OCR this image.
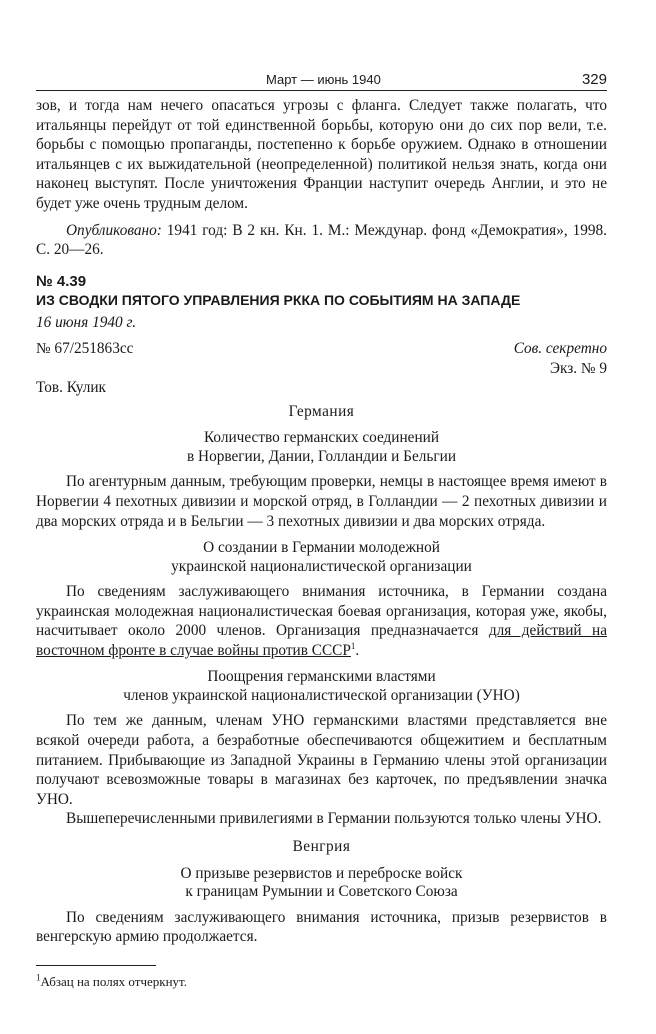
Март — июнь 1940	329

зов, и тогда нам нечего опасаться угрозы с фланга. Следует также полагать, что итальянцы перейдут от той единственной борьбы, которую они до сих пор вели, т.е. борьбы с помощью пропаганды, постепенно к борьбе оружием. Однако в отношении итальянцев с их выжидательной (неопределенной) политикой нельзя знать, когда они наконец выступят. После уничтожения Франции наступит очередь Англии, и это не будет уже очень трудным делом.

Опубликовано: 1941 год: В 2 кн. Кн. 1. М.: Междунар. фонд «Демократия», 1998. С. 20—26.

№ 4.39
ИЗ СВОДКИ ПЯТОГО УПРАВЛЕНИЯ РККА ПО СОБЫТИЯМ НА ЗАПАДЕ
16 июня 1940 г.
№ 67/251863сс	Сов. секретно
Экз. № 9
Тов. Кулик
Германия
Количество германских соединений
в Норвегии, Дании, Голландии и Бельгии

По агентурным данным, требующим проверки, немцы в настоящее время имеют в Норвегии 4 пехотных дивизии и морской отряд, в Голландии — 2 пехотных дивизии и два морских отряда и в Бельгии — 3 пехотных дивизии и два морских отряда.

О создании в Германии молодежной
украинской националистической организации

По сведениям заслуживающего внимания источника, в Германии создана украинская молодежная националистическая боевая организация, которая уже, якобы, насчитывает около 2000 членов. Организация предназначается для действий на восточном фронте в случае войны против СССР$^1$.

Поощрения германскими властями
членов украинской националистической организации (УНО)

По тем же данным, членам УНО германскими властями представляется вне всякой очереди работа, а безработные обеспечиваются общежитием и бесплатным питанием. Прибывающие из Западной Украины в Германию члены этой организации получают всевозможные товары в магазинах без карточек, по предъявлении значка УНО.

Вышеперечисленными привилегиями в Германии пользуются только члены УНО.

Венгрия
О призыве резервистов и переброске войск
к границам Румынии и Советского Союза

По сведениям заслуживающего внимания источника, призыв резервистов в венгерскую армию продолжается.

$^1$Абзац на полях отчеркнут.
